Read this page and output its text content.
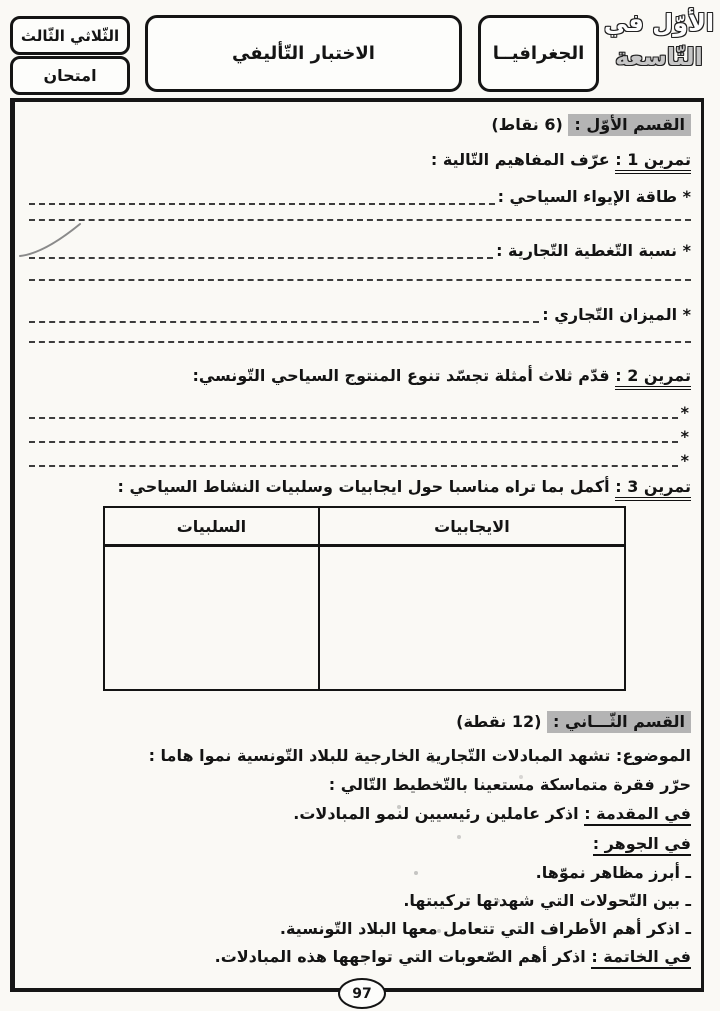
الأوّل في
التّاسعة
الجغرافيــا
الاختبار التّأليفي
الثّلاثي الثّالث
امتحان
القسم الأوّل : (6 نقاط)
تمرين 1 : عرّف المفاهيم التّالية :
* طاقة الإيواء السياحي :
* نسبة التّغطية التّجارية :
* الميزان التّجاري :
تمرين 2 : قدّم ثلاث أمثلة تجسّد تنوع المنتوج السياحي التّونسي:
*
*
*
تمرين 3 : أكمل بما تراه مناسبا حول ايجابيات وسلبيات النشاط السياحي :
الايجابيات
السلبيات
القسم الثّـــاني : (12 نقطة)
الموضوع: تشهد المبادلات التّجارية الخارجية للبلاد التّونسية نموا هاما :
حرّر فقرة متماسكة مستعينا بالتّخطيط التّالي :
في المقدمة : اذكر عاملين رئيسيين لنمو المبادلات.
في الجوهر :
ـ أبرز مظاهر نموّها.
ـ بين التّحولات التي شهدتها تركيبتها.
ـ اذكر أهم الأطراف التي تتعامل معها البلاد التّونسية.
في الخاتمة : اذكر أهم الصّعوبات التي تواجهها هذه المبادلات.
97
